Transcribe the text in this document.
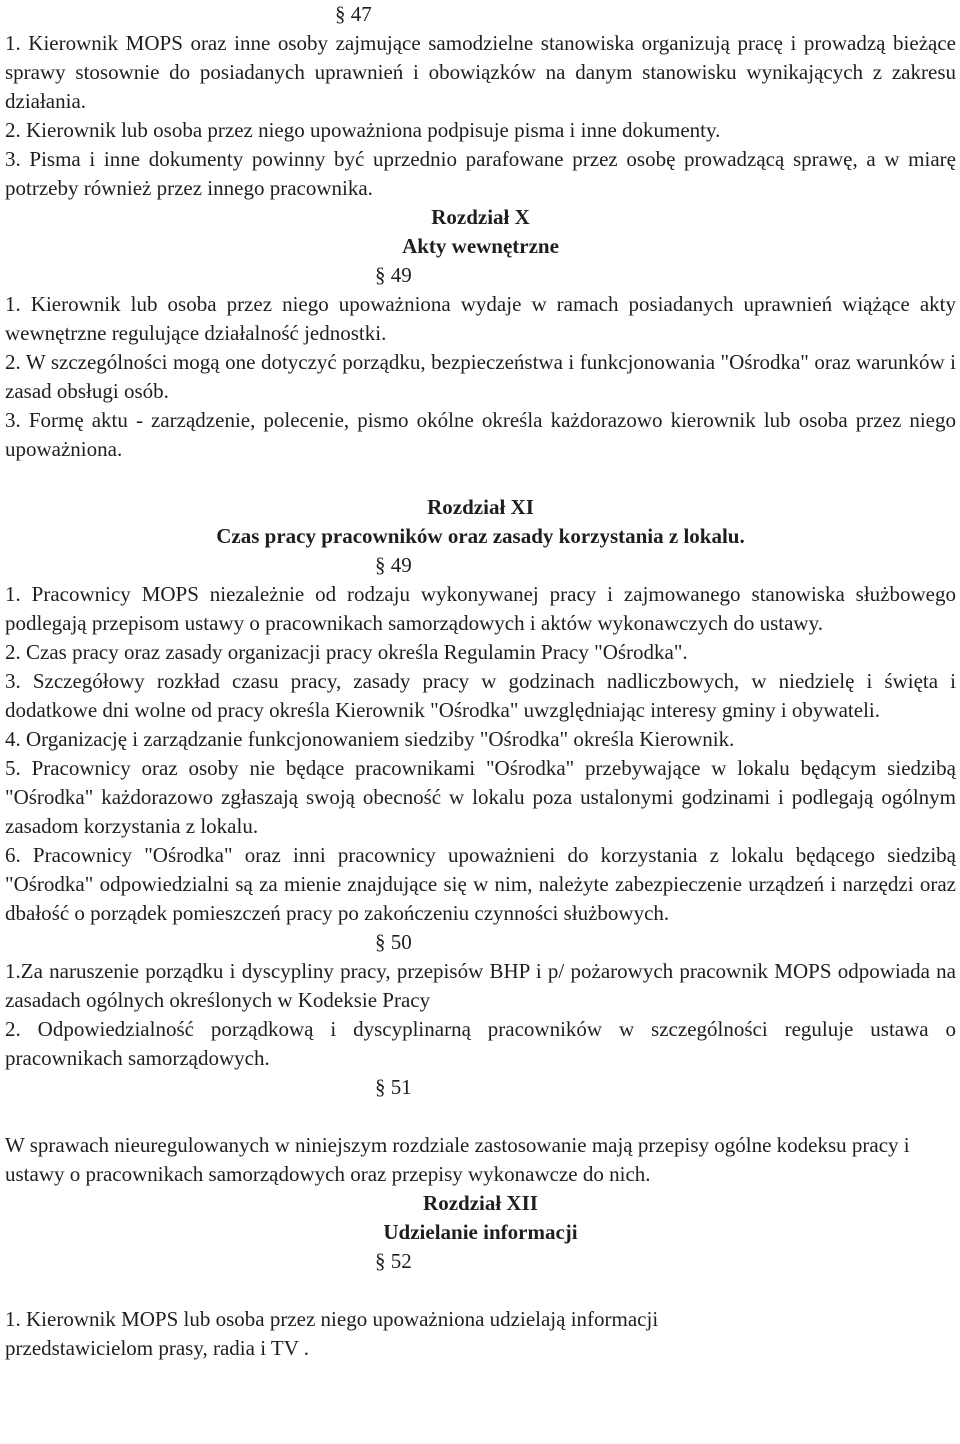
§ 47
1. Kierownik MOPS oraz inne osoby zajmujące samodzielne stanowiska organizują pracę i prowadzą bieżące sprawy stosownie do posiadanych uprawnień i obowiązków na danym stanowisku wynikających z zakresu działania.
2. Kierownik lub osoba przez niego upoważniona podpisuje pisma i inne dokumenty.
3. Pisma i inne dokumenty powinny być uprzednio parafowane przez osobę prowadzącą sprawę, a w miarę potrzeby również przez innego pracownika.
Rozdział X
Akty wewnętrzne
§ 49
1. Kierownik lub osoba przez niego upoważniona wydaje w ramach posiadanych uprawnień wiążące akty wewnętrzne regulujące działalność jednostki.
2. W szczególności mogą one dotyczyć porządku, bezpieczeństwa i funkcjonowania "Ośrodka" oraz warunków i zasad obsługi osób.
3. Formę aktu - zarządzenie, polecenie, pismo okólne określa każdorazowo kierownik lub osoba przez niego upoważniona.
Rozdział XI
Czas pracy pracowników oraz zasady korzystania z lokalu.
§ 49
1. Pracownicy MOPS niezależnie od rodzaju wykonywanej pracy i zajmowanego stanowiska służbowego podlegają przepisom ustawy o pracownikach samorządowych i aktów wykonawczych do ustawy.
2. Czas pracy oraz zasady organizacji pracy określa Regulamin Pracy "Ośrodka".
3. Szczegółowy rozkład czasu pracy, zasady pracy w godzinach nadliczbowych, w niedzielę i święta i dodatkowe dni wolne od pracy określa Kierownik "Ośrodka" uwzględniając interesy gminy i obywateli.
4. Organizację i zarządzanie funkcjonowaniem siedziby "Ośrodka" określa Kierownik.
5. Pracownicy oraz osoby nie będące pracownikami "Ośrodka" przebywające w lokalu będącym siedzibą "Ośrodka" każdorazowo zgłaszają swoją obecność w lokalu poza ustalonymi godzinami i podlegają ogólnym zasadom korzystania z lokalu.
6. Pracownicy "Ośrodka" oraz inni pracownicy upoważnieni do korzystania z lokalu będącego siedzibą "Ośrodka" odpowiedzialni są za mienie znajdujące się w nim, należyte zabezpieczenie urządzeń i narzędzi oraz dbałość o porządek pomieszczeń pracy po zakończeniu czynności służbowych.
§ 50
1.Za naruszenie porządku i dyscypliny pracy, przepisów BHP i p/ pożarowych pracownik MOPS odpowiada na zasadach ogólnych określonych w Kodeksie Pracy
2. Odpowiedzialność porządkową i dyscyplinarną pracowników w szczególności reguluje ustawa o pracownikach samorządowych.
§ 51
W sprawach nieuregulowanych w niniejszym rozdziale zastosowanie mają przepisy ogólne kodeksu pracy i ustawy o pracownikach samorządowych oraz przepisy wykonawcze do nich.
Rozdział XII
Udzielanie informacji
§ 52
1. Kierownik MOPS lub osoba przez niego upoważniona udzielają informacji przedstawicielom prasy, radia i TV .
